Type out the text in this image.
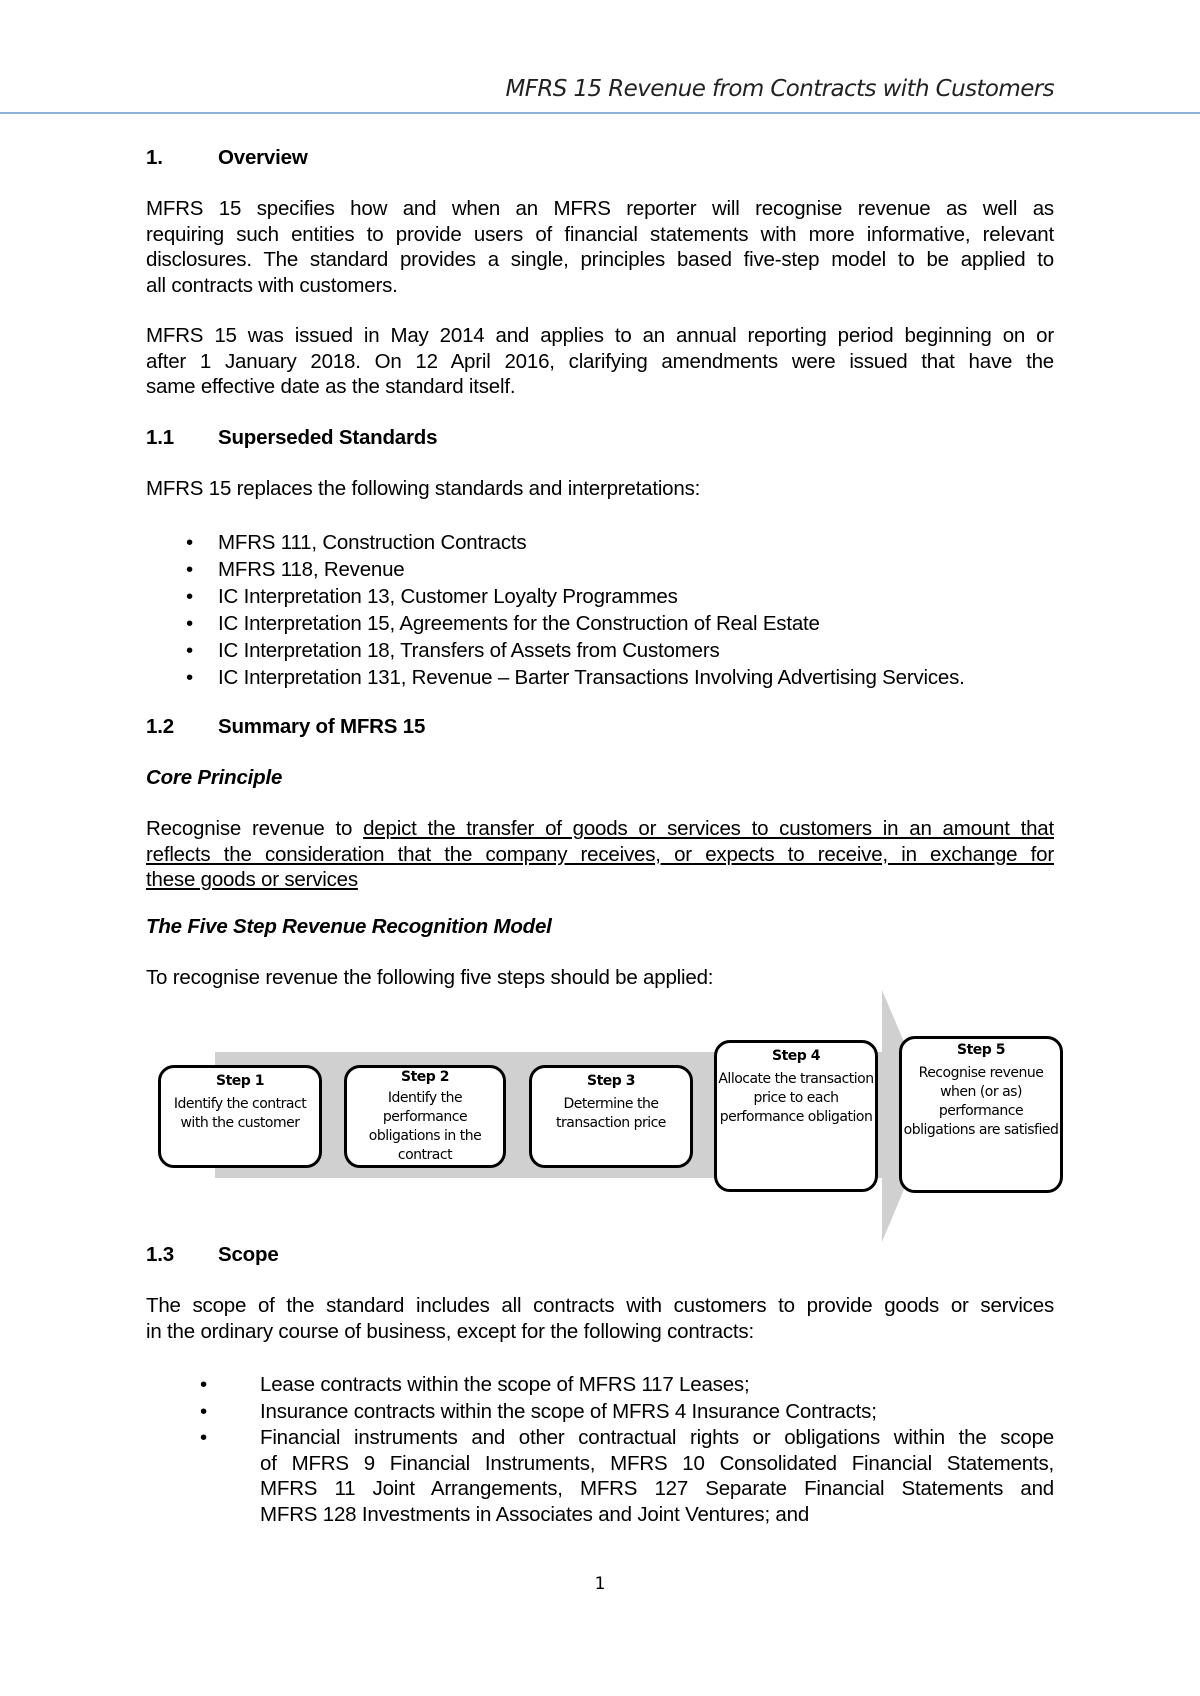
MFRS 15 Revenue from Contracts with Customers
1.	Overview
MFRS 15 specifies how and when an MFRS reporter will recognise revenue as well as
requiring such entities to provide users of financial statements with more informative, relevant
disclosures. The standard provides a single, principles based five-step model to be applied to
all contracts with customers.
MFRS 15 was issued in May 2014 and applies to an annual reporting period beginning on or
after 1 January 2018. On 12 April 2016, clarifying amendments were issued that have the
same effective date as the standard itself.
1.1 Superseded Standards
MFRS 15 replaces the following standards and interpretations:
• MFRS 111, Construction Contracts
• MFRS 118, Revenue
• IC Interpretation 13, Customer Loyalty Programmes
• IC Interpretation 15, Agreements for the Construction of Real Estate
• IC Interpretation 18, Transfers of Assets from Customers
• IC Interpretation 131, Revenue – Barter Transactions Involving Advertising Services.
1.2 Summary of MFRS 15
Core Principle
Recognise revenue to depict the transfer of goods or services to customers in an amount that
reflects the consideration that the company receives, or expects to receive, in exchange for
these goods or services
The Five Step Revenue Recognition Model
To recognise revenue the following five steps should be applied:
Step 1
Identify the contract with the customer
Step 2
Identify the performance obligations in the contract
Step 3
Determine the transaction price
Step 4
Allocate the transaction price to each performance obligation
Step 5
Recognise revenue when (or as) performance obligations are satisfied
1.3 Scope
The scope of the standard includes all contracts with customers to provide goods or services
in the ordinary course of business, except for the following contracts:
•	Lease contracts within the scope of MFRS 117 Leases;
•	Insurance contracts within the scope of MFRS 4 Insurance Contracts;
•	Financial instruments and other contractual rights or obligations within the scope
of MFRS 9 Financial Instruments, MFRS 10 Consolidated Financial Statements,
MFRS 11 Joint Arrangements, MFRS 127 Separate Financial Statements and
MFRS 128 Investments in Associates and Joint Ventures; and
1
